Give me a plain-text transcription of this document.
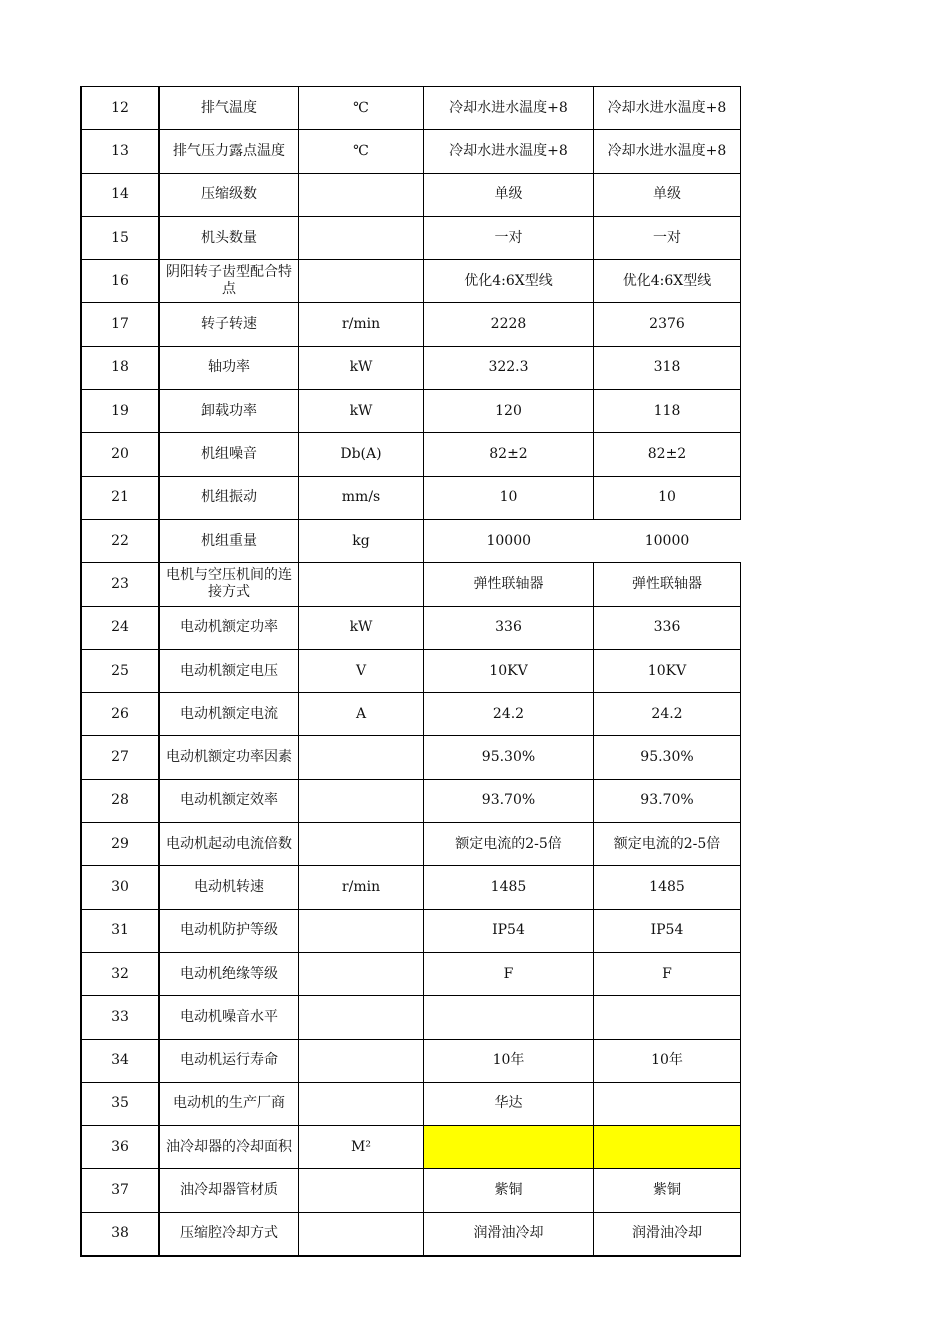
12	排气温度	℃	冷却水进水温度+8	冷却水进水温度+8
13	排气压力露点温度	℃	冷却水进水温度+8	冷却水进水温度+8
14	压缩级数		单级	单级
15	机头数量		一对	一对
16	阴阳转子齿型配合特点		优化4:6X型线	优化4:6X型线
17	转子转速	r/min	2228	2376
18	轴功率	kW	322.3	318
19	卸载功率	kW	120	118
20	机组噪音	Db(A)	82±2	82±2
21	机组振动	mm/s	10	10
22	机组重量	kg	10000	10000
23	电机与空压机间的连接方式		弹性联轴器	弹性联轴器
24	电动机额定功率	kW	336	336
25	电动机额定电压	V	10KV	10KV
26	电动机额定电流	A	24.2	24.2
27	电动机额定功率因素		95.30%	95.30%
28	电动机额定效率		93.70%	93.70%
29	电动机起动电流倍数		额定电流的2-5倍	额定电流的2-5倍
30	电动机转速	r/min	1485	1485
31	电动机防护等级		IP54	IP54
32	电动机绝缘等级		F	F
33	电动机噪音水平			
34	电动机运行寿命		10年	10年
35	电动机的生产厂商		华达	
36	油冷却器的冷却面积	M²		
37	油冷却器管材质		紫铜	紫铜
38	压缩腔冷却方式		润滑油冷却	润滑油冷却
